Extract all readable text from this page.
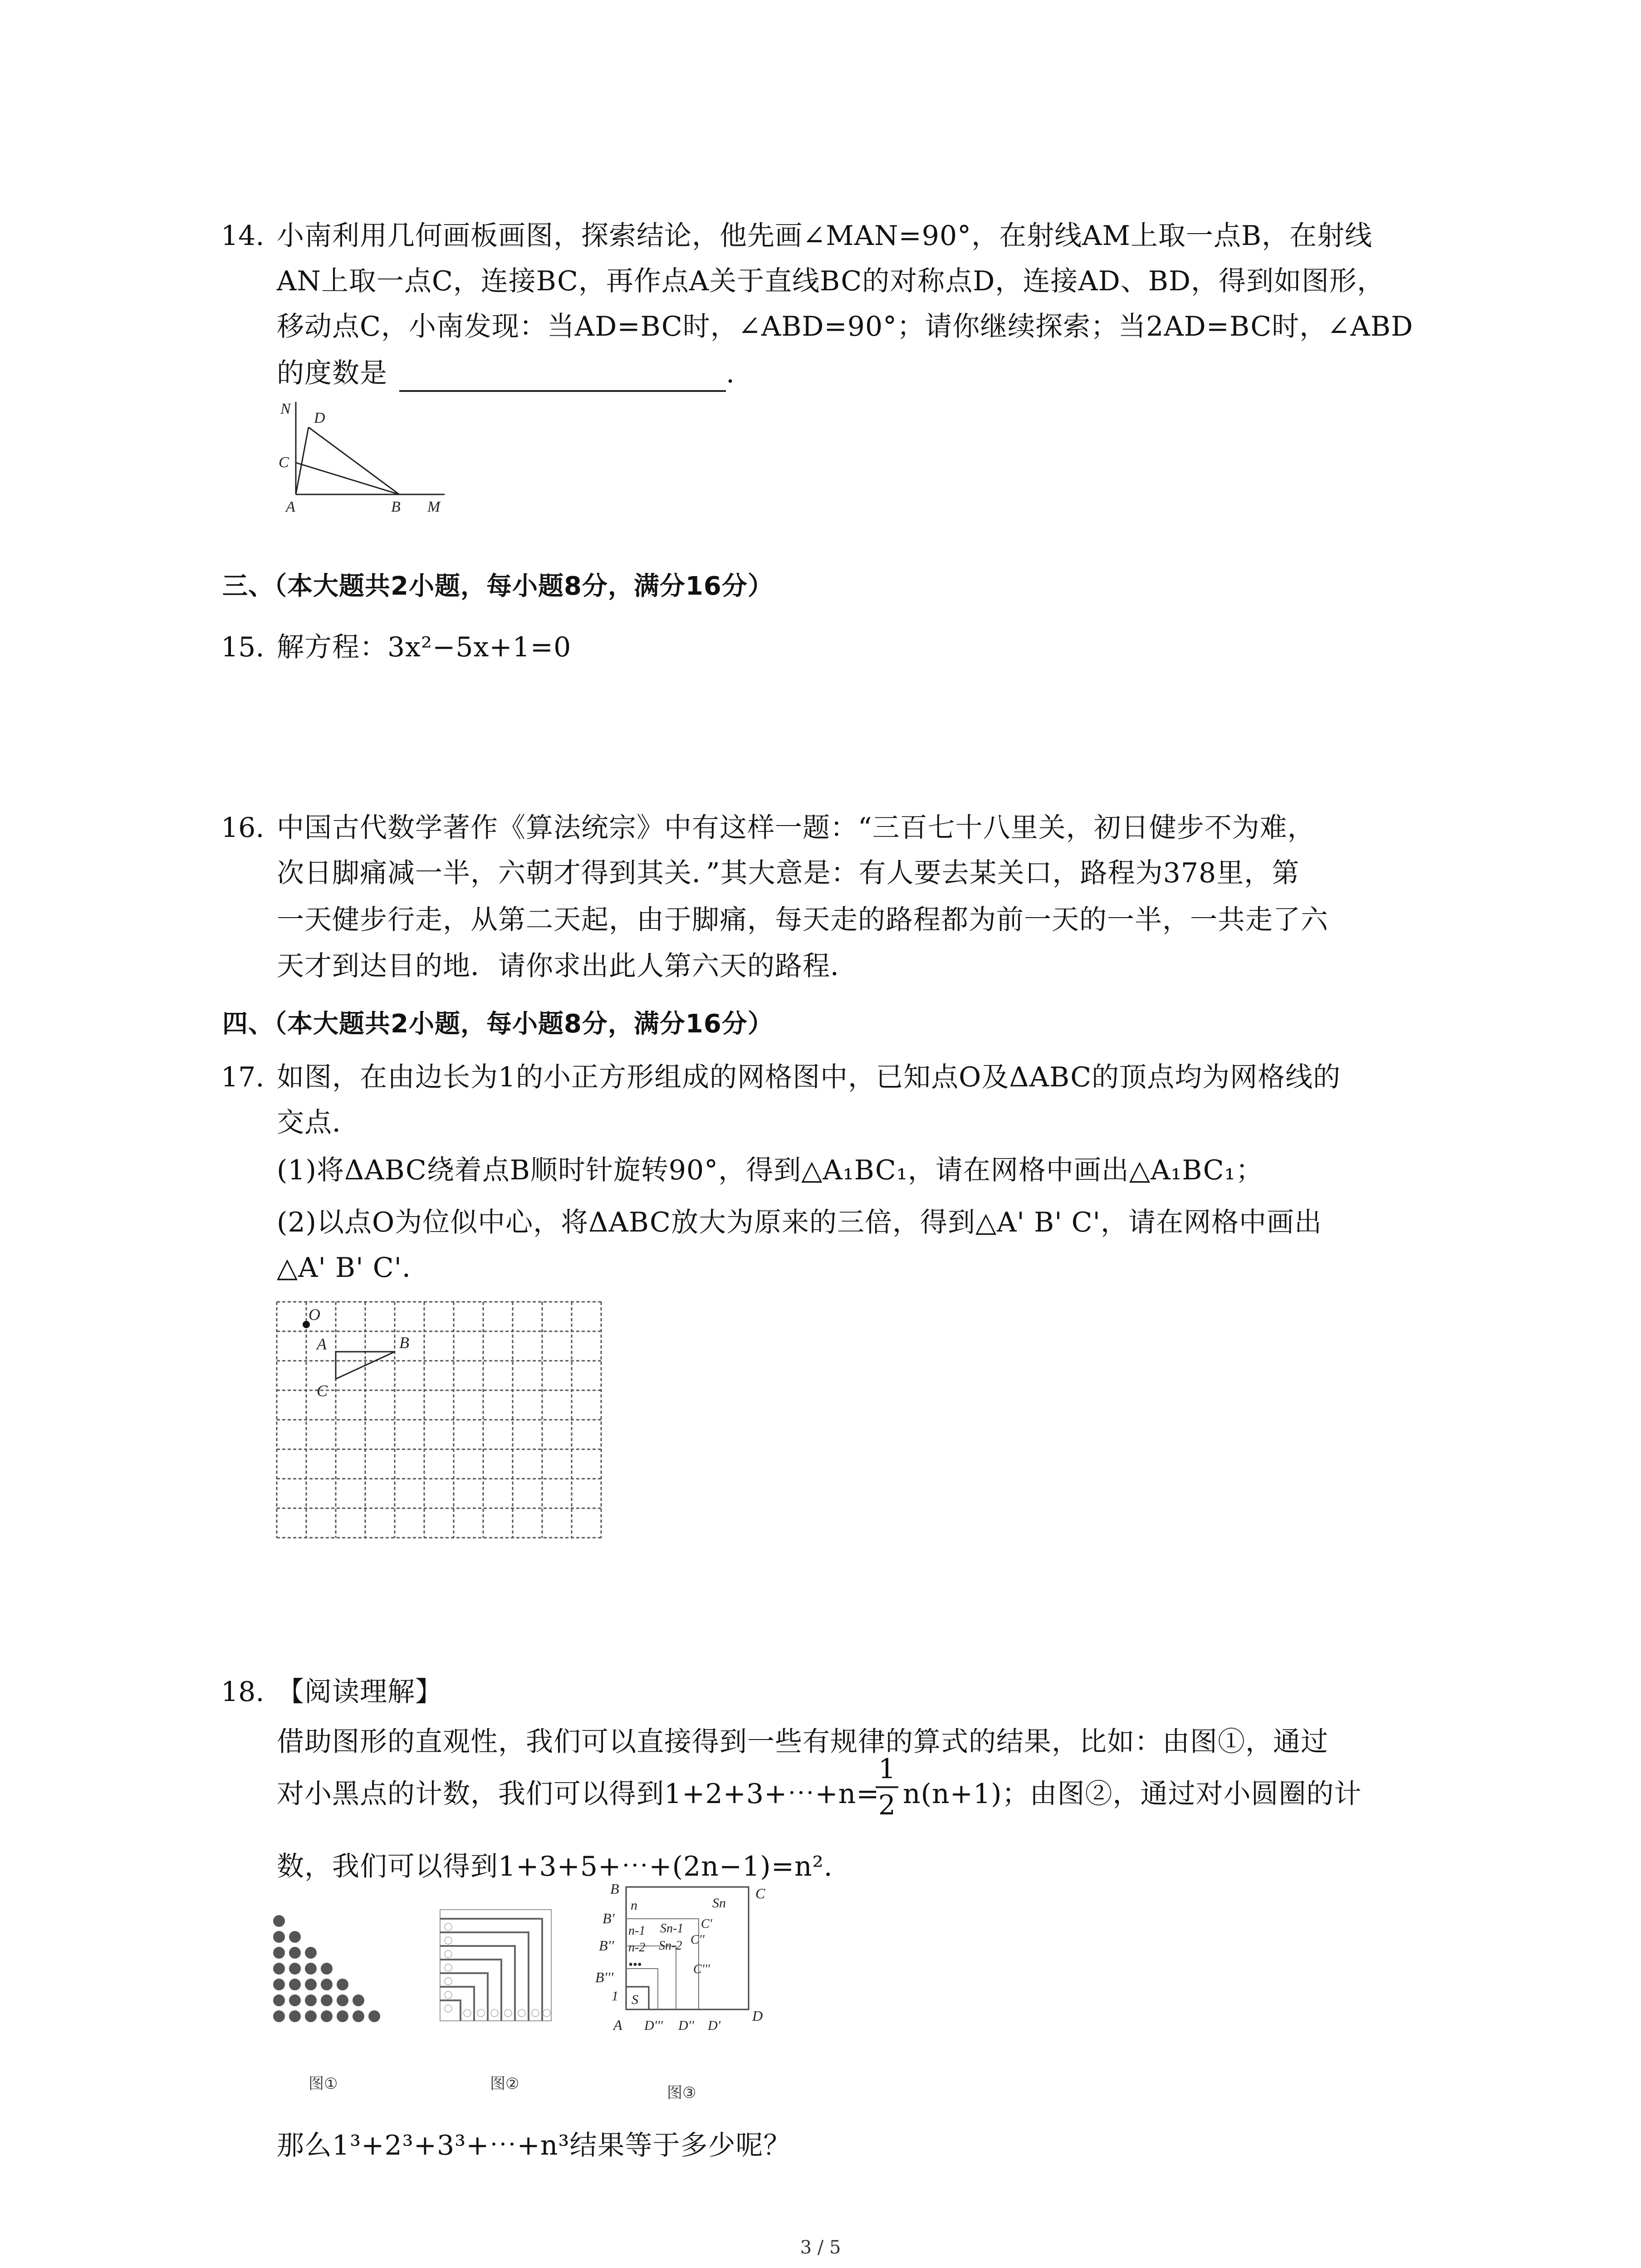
14. 小南利用几何画板画图，探索结论，他先画∠MAN=90°，在射线AM上取一点B，在射线
AN上取一点C，连接BC，再作点A关于直线BC的对称点D，连接AD、BD，得到如图形，
移动点C，小南发现：当AD=BC时，∠ABD=90°；请你继续探索；当2AD=BC时，∠ABD
的度数是	.
N
D
C
A	B M
三、（本大题共2小题，每小题8分，满分16分）
15. 解方程：3x²−5x+1=0
16. 中国古代数学著作《算法统宗》中有这样一题：“三百七十八里关，初日健步不为难，
次日脚痛减一半，六朝才得到其关．”其大意是：有人要去某关口，路程为378里，第
一天健步行走，从第二天起，由于脚痛，每天走的路程都为前一天的一半，一共走了六
天才到达目的地．请你求出此人第六天的路程．
四、（本大题共2小题，每小题8分，满分16分）
17. 如图，在由边长为1的小正方形组成的网格图中，已知点O及ΔABC的顶点均为网格线的
交点．
(1)将ΔABC绕着点B顺时针旋转90°，得到△A₁BC₁，请在网格中画出△A₁BC₁；
(2)以点O为位似中心，将ΔABC放大为原来的三倍，得到△A' B' C'，请在网格中画出
△A' B' C'．
O
A	B
C
18. 【阅读理解】
借助图形的直观性，我们可以直接得到一些有规律的算式的结果，比如：由图①，通过
对小黑点的计数，我们可以得到1+2+3+⋯+n=
1
2 n(n+1)；由图②，通过对小圆圈的计
数，我们可以得到1+3+5+⋯+(2n−1)=n².
图①	图②
B
B'
B''
B'''
n
n-1
n-2
•••
1
Sn
Sn-1
Sn-2
S
C
C'
C''
C'''
A D''' D'' D'
D
图③
那么1³+2³+3³+⋯+n³结果等于多少呢？
3 / 5
